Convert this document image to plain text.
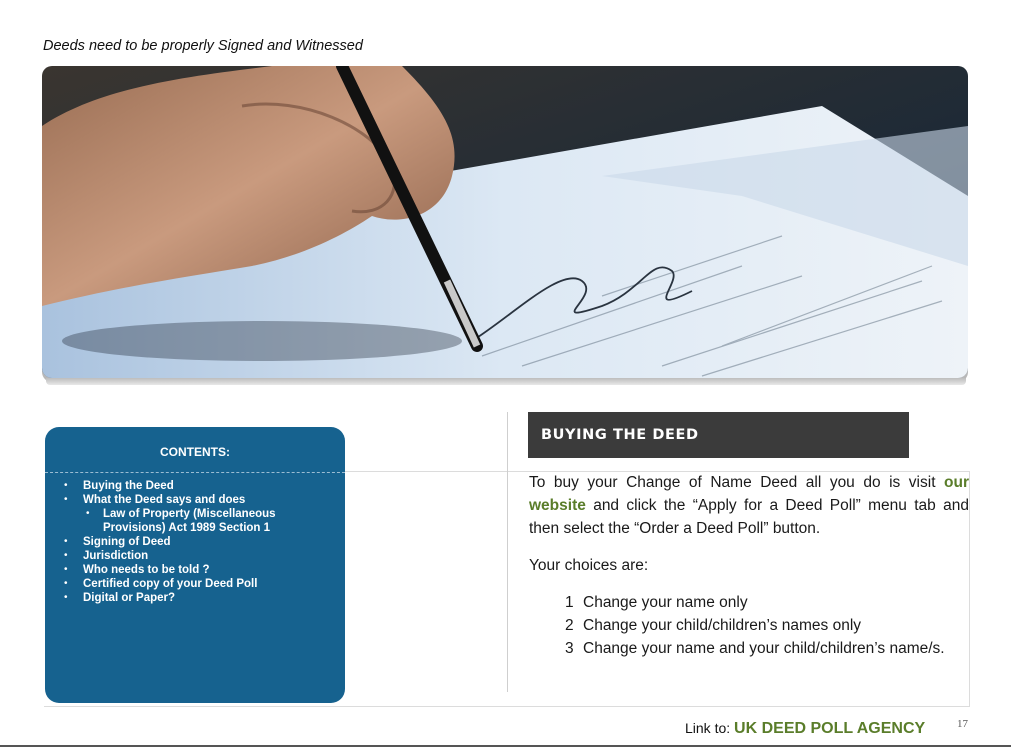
Deeds need to be properly Signed and Witnessed
CONTENTS:
• Buying the Deed
• What the Deed says and does
• Law of Property (Miscellaneous
Provisions) Act 1989 Section 1
• Signing of Deed
• Jurisdiction
• Who needs to be told ?
• Certified copy of your Deed Poll
• Digital or Paper?
BUYING THE DEED

To buy your Change of Name Deed all you do is visit our website and click the “Apply for a Deed Poll” menu tab and then select the “Order a Deed Poll” button.

Your choices are:

1 Change your name only
2 Change your child/children’s names only
3 Change your name and your child/children’s name/s.
Link to: UK DEED POLL AGENCY	17
